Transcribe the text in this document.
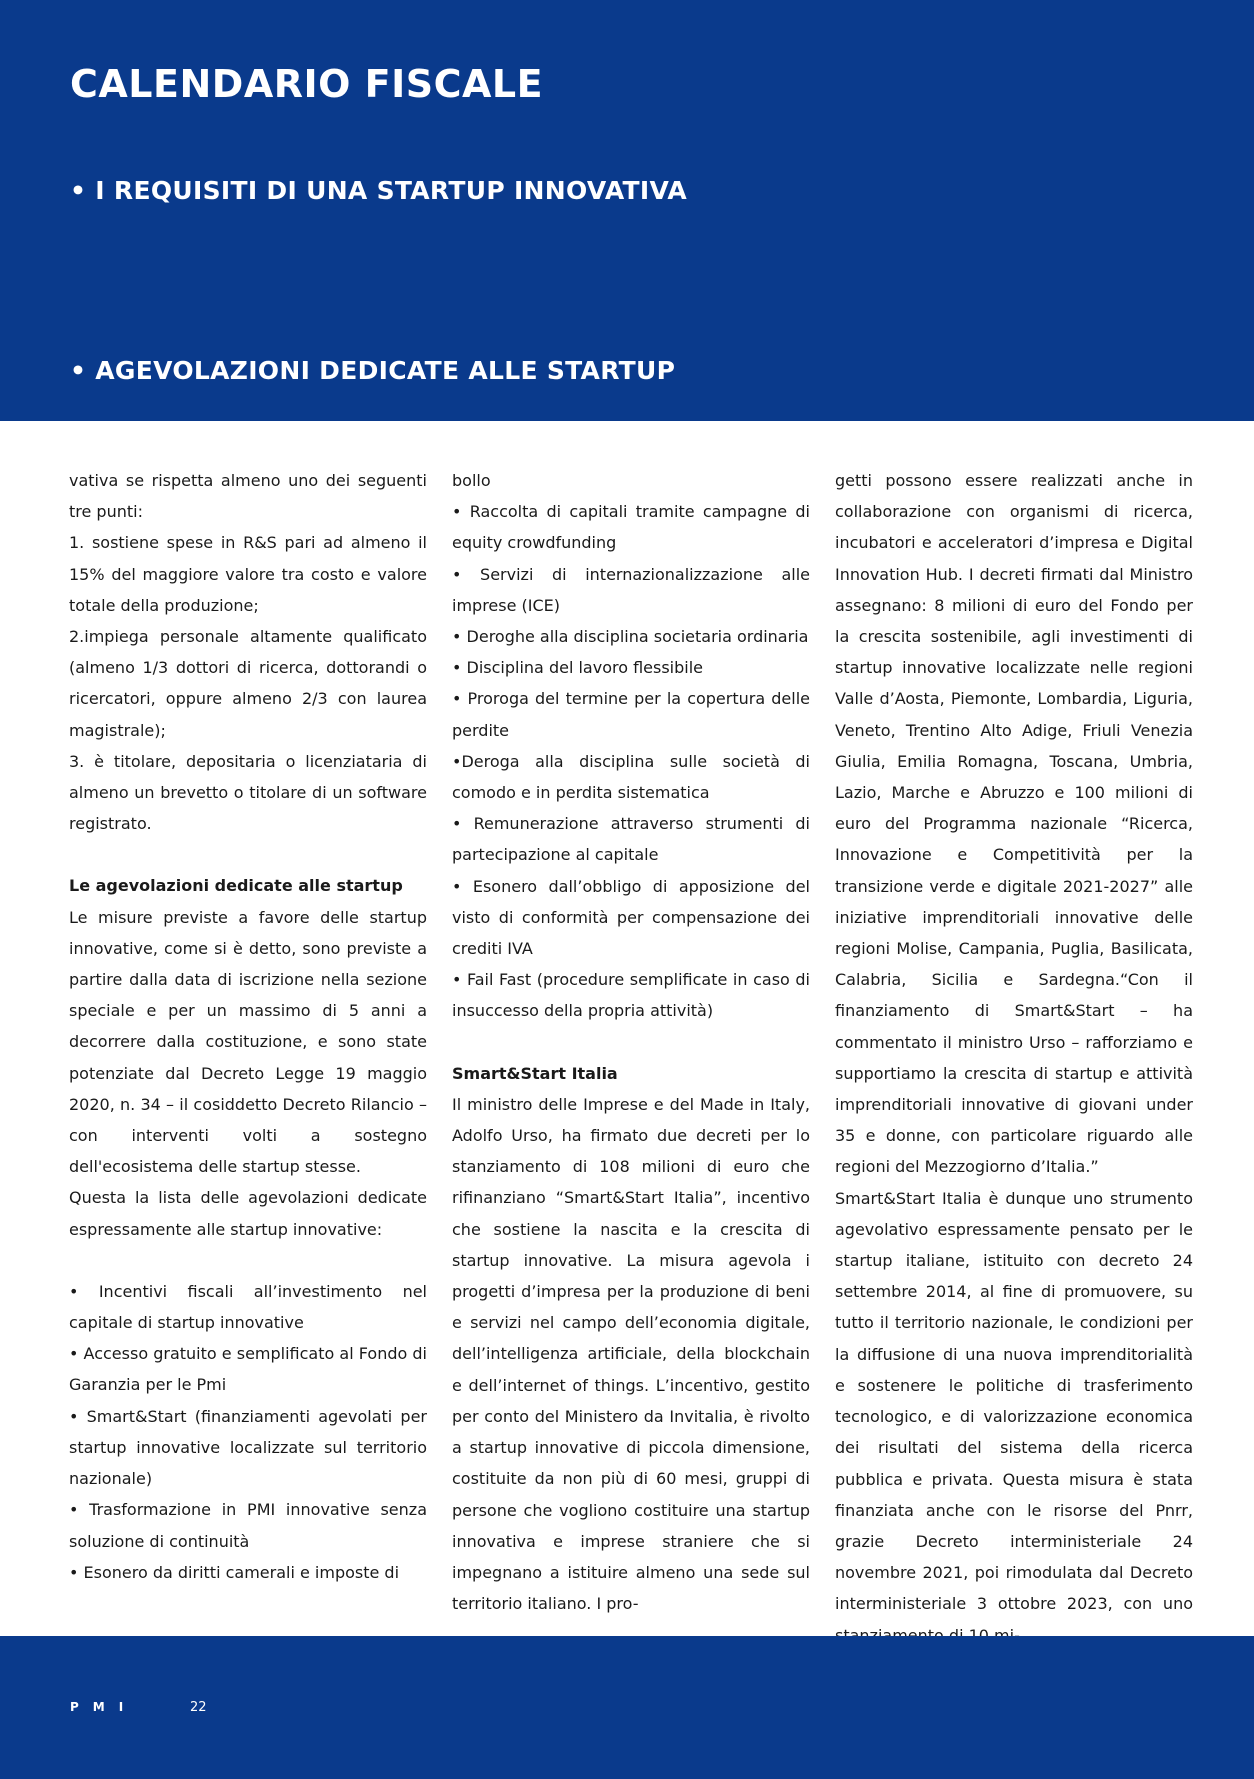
CALENDARIO FISCALE
• I REQUISITI DI UNA STARTUP INNOVATIVA
• AGEVOLAZIONI DEDICATE ALLE STARTUP

vativa se rispetta almeno uno dei seguenti tre punti:

1. sostiene spese in R&S pari ad almeno il 15% del maggiore valore tra costo e valore totale della produzione;

2.impiega personale altamente qualificato (almeno 1/3 dottori di ricerca, dottorandi o ricercatori, oppure almeno 2/3 con laurea magistrale);

3. è titolare, depositaria o licenziataria di almeno un brevetto o titolare di un software registrato.

Le agevolazioni dedicate alle startup

Le misure previste a favore delle startup innovative, come si è detto, sono previste a partire dalla data di iscrizione nella sezione speciale e per un massimo di 5 anni a decorrere dalla costituzione, e sono state potenziate dal Decreto Legge 19 maggio 2020, n. 34 – il cosiddetto Decreto Rilancio – con interventi volti a sostegno dell'ecosistema delle startup stesse.

Questa la lista delle agevolazioni dedicate espressamente alle startup innovative:

• Incentivi fiscali all’investimento nel capitale di startup innovative

• Accesso gratuito e semplificato al Fondo di Garanzia per le Pmi

• Smart&Start (finanziamenti agevolati per startup innovative localizzate sul territorio nazionale)

• Trasformazione in PMI innovative senza soluzione di continuità

• Esonero da diritti camerali e imposte di

bollo

• Raccolta di capitali tramite campagne di equity crowdfunding

• Servizi di internazionalizzazione alle imprese (ICE)

• Deroghe alla disciplina societaria ordinaria

• Disciplina del lavoro flessibile

• Proroga del termine per la copertura delle perdite

•Deroga alla disciplina sulle società di comodo e in perdita sistematica

• Remunerazione attraverso strumenti di partecipazione al capitale

• Esonero dall’obbligo di apposizione del visto di conformità per compensazione dei crediti IVA

• Fail Fast (procedure semplificate in caso di insuccesso della propria attività)

Smart&Start Italia

Il ministro delle Imprese e del Made in Italy, Adolfo Urso, ha firmato due decreti per lo stanziamento di 108 milioni di euro che rifinanziano “Smart&Start Italia”, incentivo che sostiene la nascita e la crescita di startup innovative. La misura agevola i progetti d’impresa per la produzione di beni e servizi nel campo dell’economia digitale, dell’intelligenza artificiale, della blockchain e dell’internet of things. L’incentivo, gestito per conto del Ministero da Invitalia, è rivolto a startup innovative di piccola dimensione, costituite da non più di 60 mesi, gruppi di persone che vogliono costituire una startup innovativa e imprese straniere che si impegnano a istituire almeno una sede sul territorio italiano. I pro-

getti possono essere realizzati anche in collaborazione con organismi di ricerca, incubatori e acceleratori d’impresa e Digital Innovation Hub. I decreti firmati dal Ministro assegnano: 8 milioni di euro del Fondo per la crescita sostenibile, agli investimenti di startup innovative localizzate nelle regioni Valle d’Aosta, Piemonte, Lombardia, Liguria, Veneto, Trentino Alto Adige, Friuli Venezia Giulia, Emilia Romagna, Toscana, Umbria, Lazio, Marche e Abruzzo e 100 milioni di euro del Programma nazionale “Ricerca, Innovazione e Competitività per la transizione verde e digitale 2021-2027” alle iniziative imprenditoriali innovative delle regioni Molise, Campania, Puglia, Basilicata, Calabria, Sicilia e Sardegna.“Con il finanziamento di Smart&Start – ha commentato il ministro Urso – rafforziamo e supportiamo la crescita di startup e attività imprenditoriali innovative di giovani under 35 e donne, con particolare riguardo alle regioni del Mezzogiorno d’Italia.”

Smart&Start Italia è dunque uno strumento agevolativo espressamente pensato per le startup italiane, istituito con decreto 24 settembre 2014, al fine di promuovere, su tutto il territorio nazionale, le condizioni per la diffusione di una nuova imprenditorialità e sostenere le politiche di trasferimento tecnologico, e di valorizzazione economica dei risultati del sistema della ricerca pubblica e privata. Questa misura è stata finanziata anche con le risorse del Pnrr, grazie Decreto interministeriale 24 novembre 2021, poi rimodulata dal Decreto interministeriale 3 ottobre 2023, con uno

PMI	22
